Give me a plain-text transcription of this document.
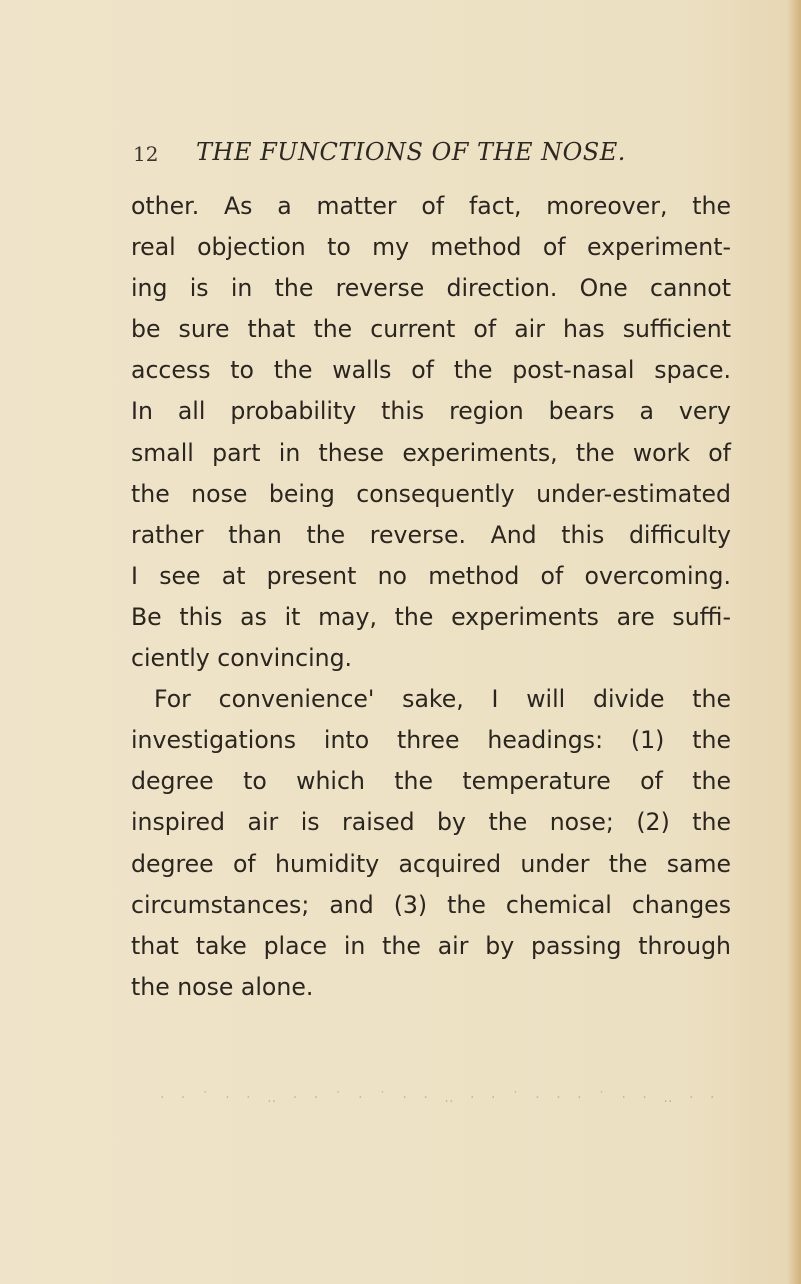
12 THE FUNCTIONS OF THE NOSE.
other. As a matter of fact, moreover, the
real objection to my method of experiment-
ing is in the reverse direction. One cannot
be sure that the current of air has sufficient
access to the walls of the post-nasal space.
In all probability this region bears a very
small part in these experiments, the work of
the nose being consequently under-estimated
rather than the reverse. And this difficulty
I see at present no method of overcoming.
Be this as it may, the experiments are suffi-
ciently convincing.
For convenience' sake, I will divide the
investigations into three headings: (1) the
degree to which the temperature of the
inspired air is raised by the nose; (2) the
degree of humidity acquired under the same
circumstances; and (3) the chemical changes
that take place in the air by passing through
the nose alone.
· · ˙ · · ‥ · · ˙ · ˙ · · ‥ · · ˙ · · · ˙ · · ‥ · ·
